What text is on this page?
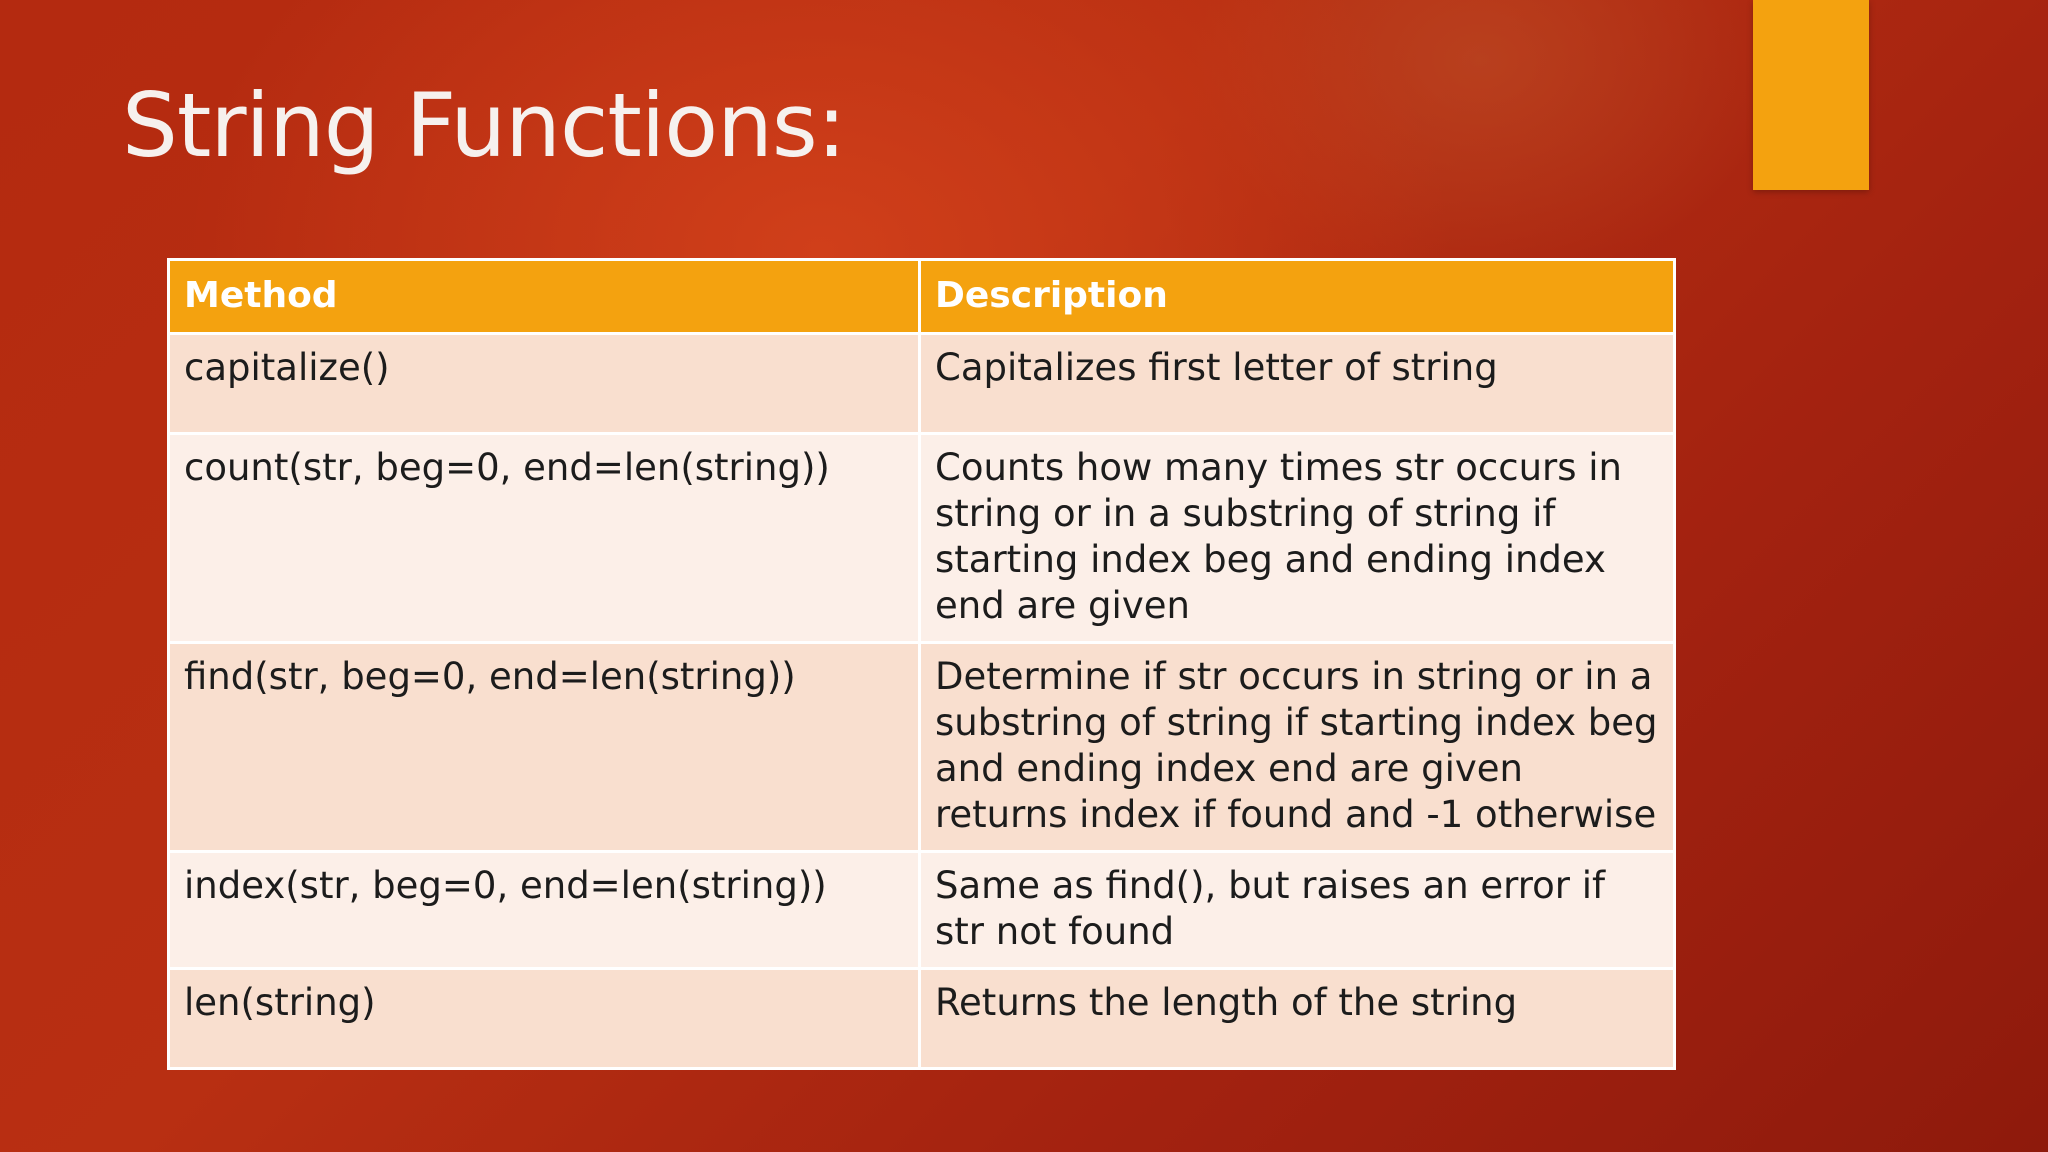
String Functions:
Method	Description
capitalize()	Capitalizes first letter of string
count(str, beg=0, end=len(string))	Counts how many times str occurs in string or in a substring of string if starting index beg and ending index end are given
find(str, beg=0, end=len(string))	Determine if str occurs in string or in a substring of string if starting index beg and ending index end are given returns index if found and -1 otherwise
index(str, beg=0, end=len(string))	Same as find(), but raises an error if str not found
len(string)	Returns the length of the string
